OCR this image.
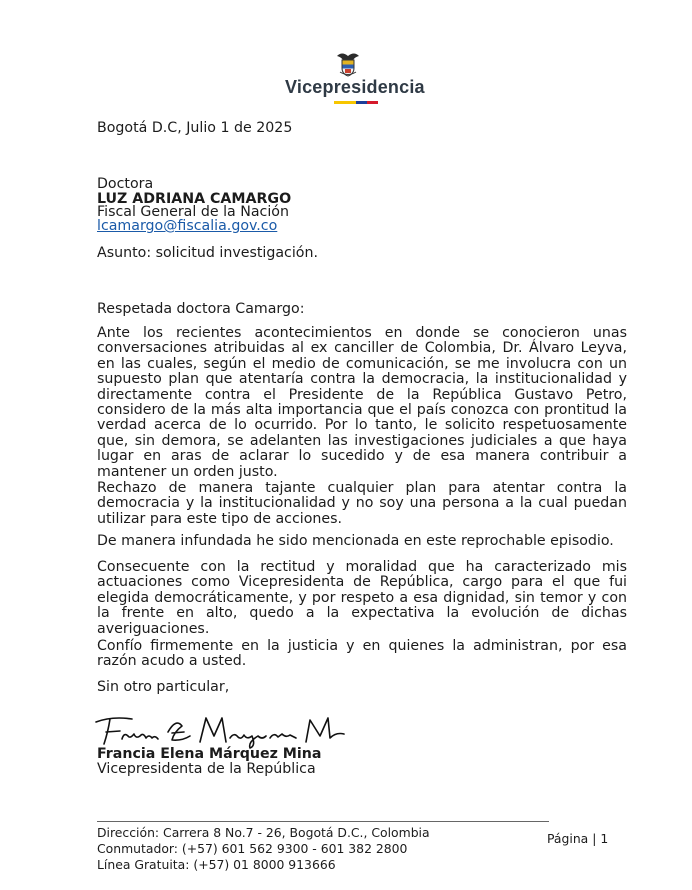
Vicepresidencia
Bogotá D.C, Julio 1 de 2025
Doctora
LUZ ADRIANA CAMARGO
Fiscal General de la Nación
lcamargo@fiscalia.gov.co
Asunto: solicitud investigación.
Respetada doctora Camargo:
Ante los recientes acontecimientos en donde se conocieron unas conversaciones atribuidas al ex canciller de Colombia, Dr. Álvaro Leyva, en las cuales, según el medio de comunicación, se me involucra con un supuesto plan que atentaría contra la democracia, la institucionalidad y directamente contra el Presidente de la República Gustavo Petro, considero de la más alta importancia que el país conozca con prontitud la verdad acerca de lo ocurrido. Por lo tanto, le solicito respetuosamente que, sin demora, se adelanten las investigaciones judiciales a que haya lugar en aras de aclarar lo sucedido y de esa manera contribuir a mantener un orden justo.
Rechazo de manera tajante cualquier plan para atentar contra la democracia y la institucionalidad y no soy una persona a la cual puedan utilizar para este tipo de acciones.
De manera infundada he sido mencionada en este reprochable episodio.
Consecuente con la rectitud y moralidad que ha caracterizado mis actuaciones como Vicepresidenta de República, cargo para el que fui elegida democráticamente, y por respeto a esa dignidad, sin temor y con la frente en alto, quedo a la expectativa la evolución de dichas averiguaciones.
Confío firmemente en la justicia y en quienes la administran, por esa razón acudo a usted.
Sin otro particular,
Francia Elena Márquez Mina
Vicepresidenta de la República
Dirección: Carrera 8 No.7 - 26, Bogotá D.C., Colombia
Conmutador: (+57) 601 562 9300 - 601 382 2800
Línea Gratuita: (+57) 01 8000 913666
Página | 1
